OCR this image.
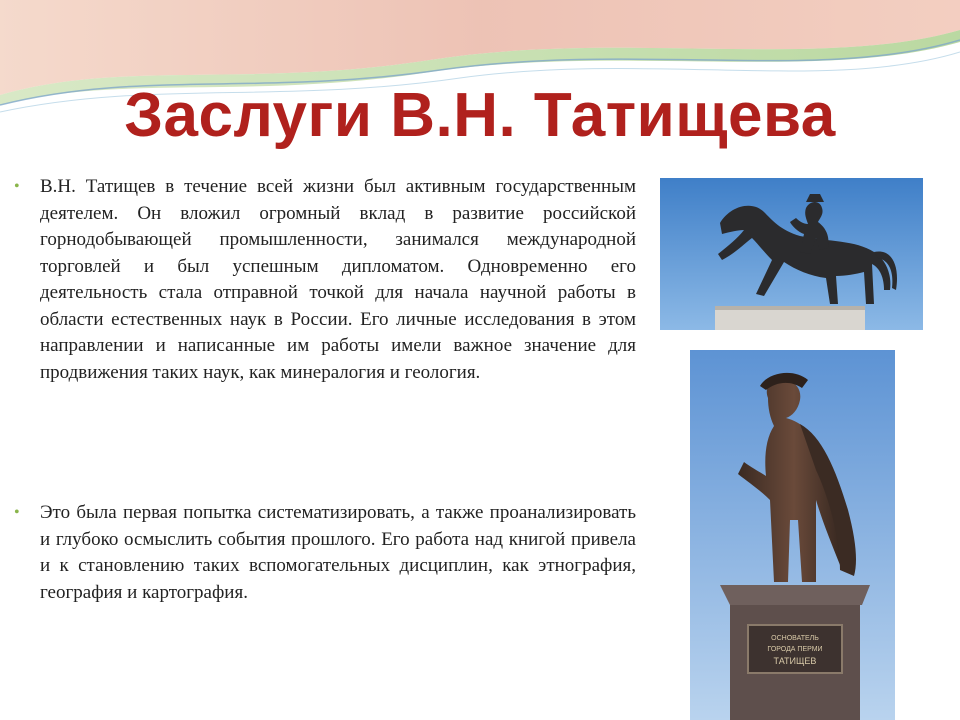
Заслуги В.Н. Татищева
• В.Н. Татищев в течение всей жизни был активным государственным деятелем. Он вложил огромный вклад в развитие российской горнодобывающей промышленности, занимался международной торговлей и был успешным дипломатом. Одновременно его деятельность стала отправной точкой для начала научной работы в области естественных наук в России. Его личные исследования в этом направлении и написанные им работы имели важное значение для продвижения таких наук, как минералогия и геология.
• Это была первая попытка систематизировать, а также проанализировать и глубоко осмыслить события прошлого. Его работа над книгой привела и к становлению таких вспомогательных дисциплин, как этнография, география и картография.
ОСНОВАТЕЛЬ
ГОРОДА ПЕРМИ
ТАТИЩЕВ
